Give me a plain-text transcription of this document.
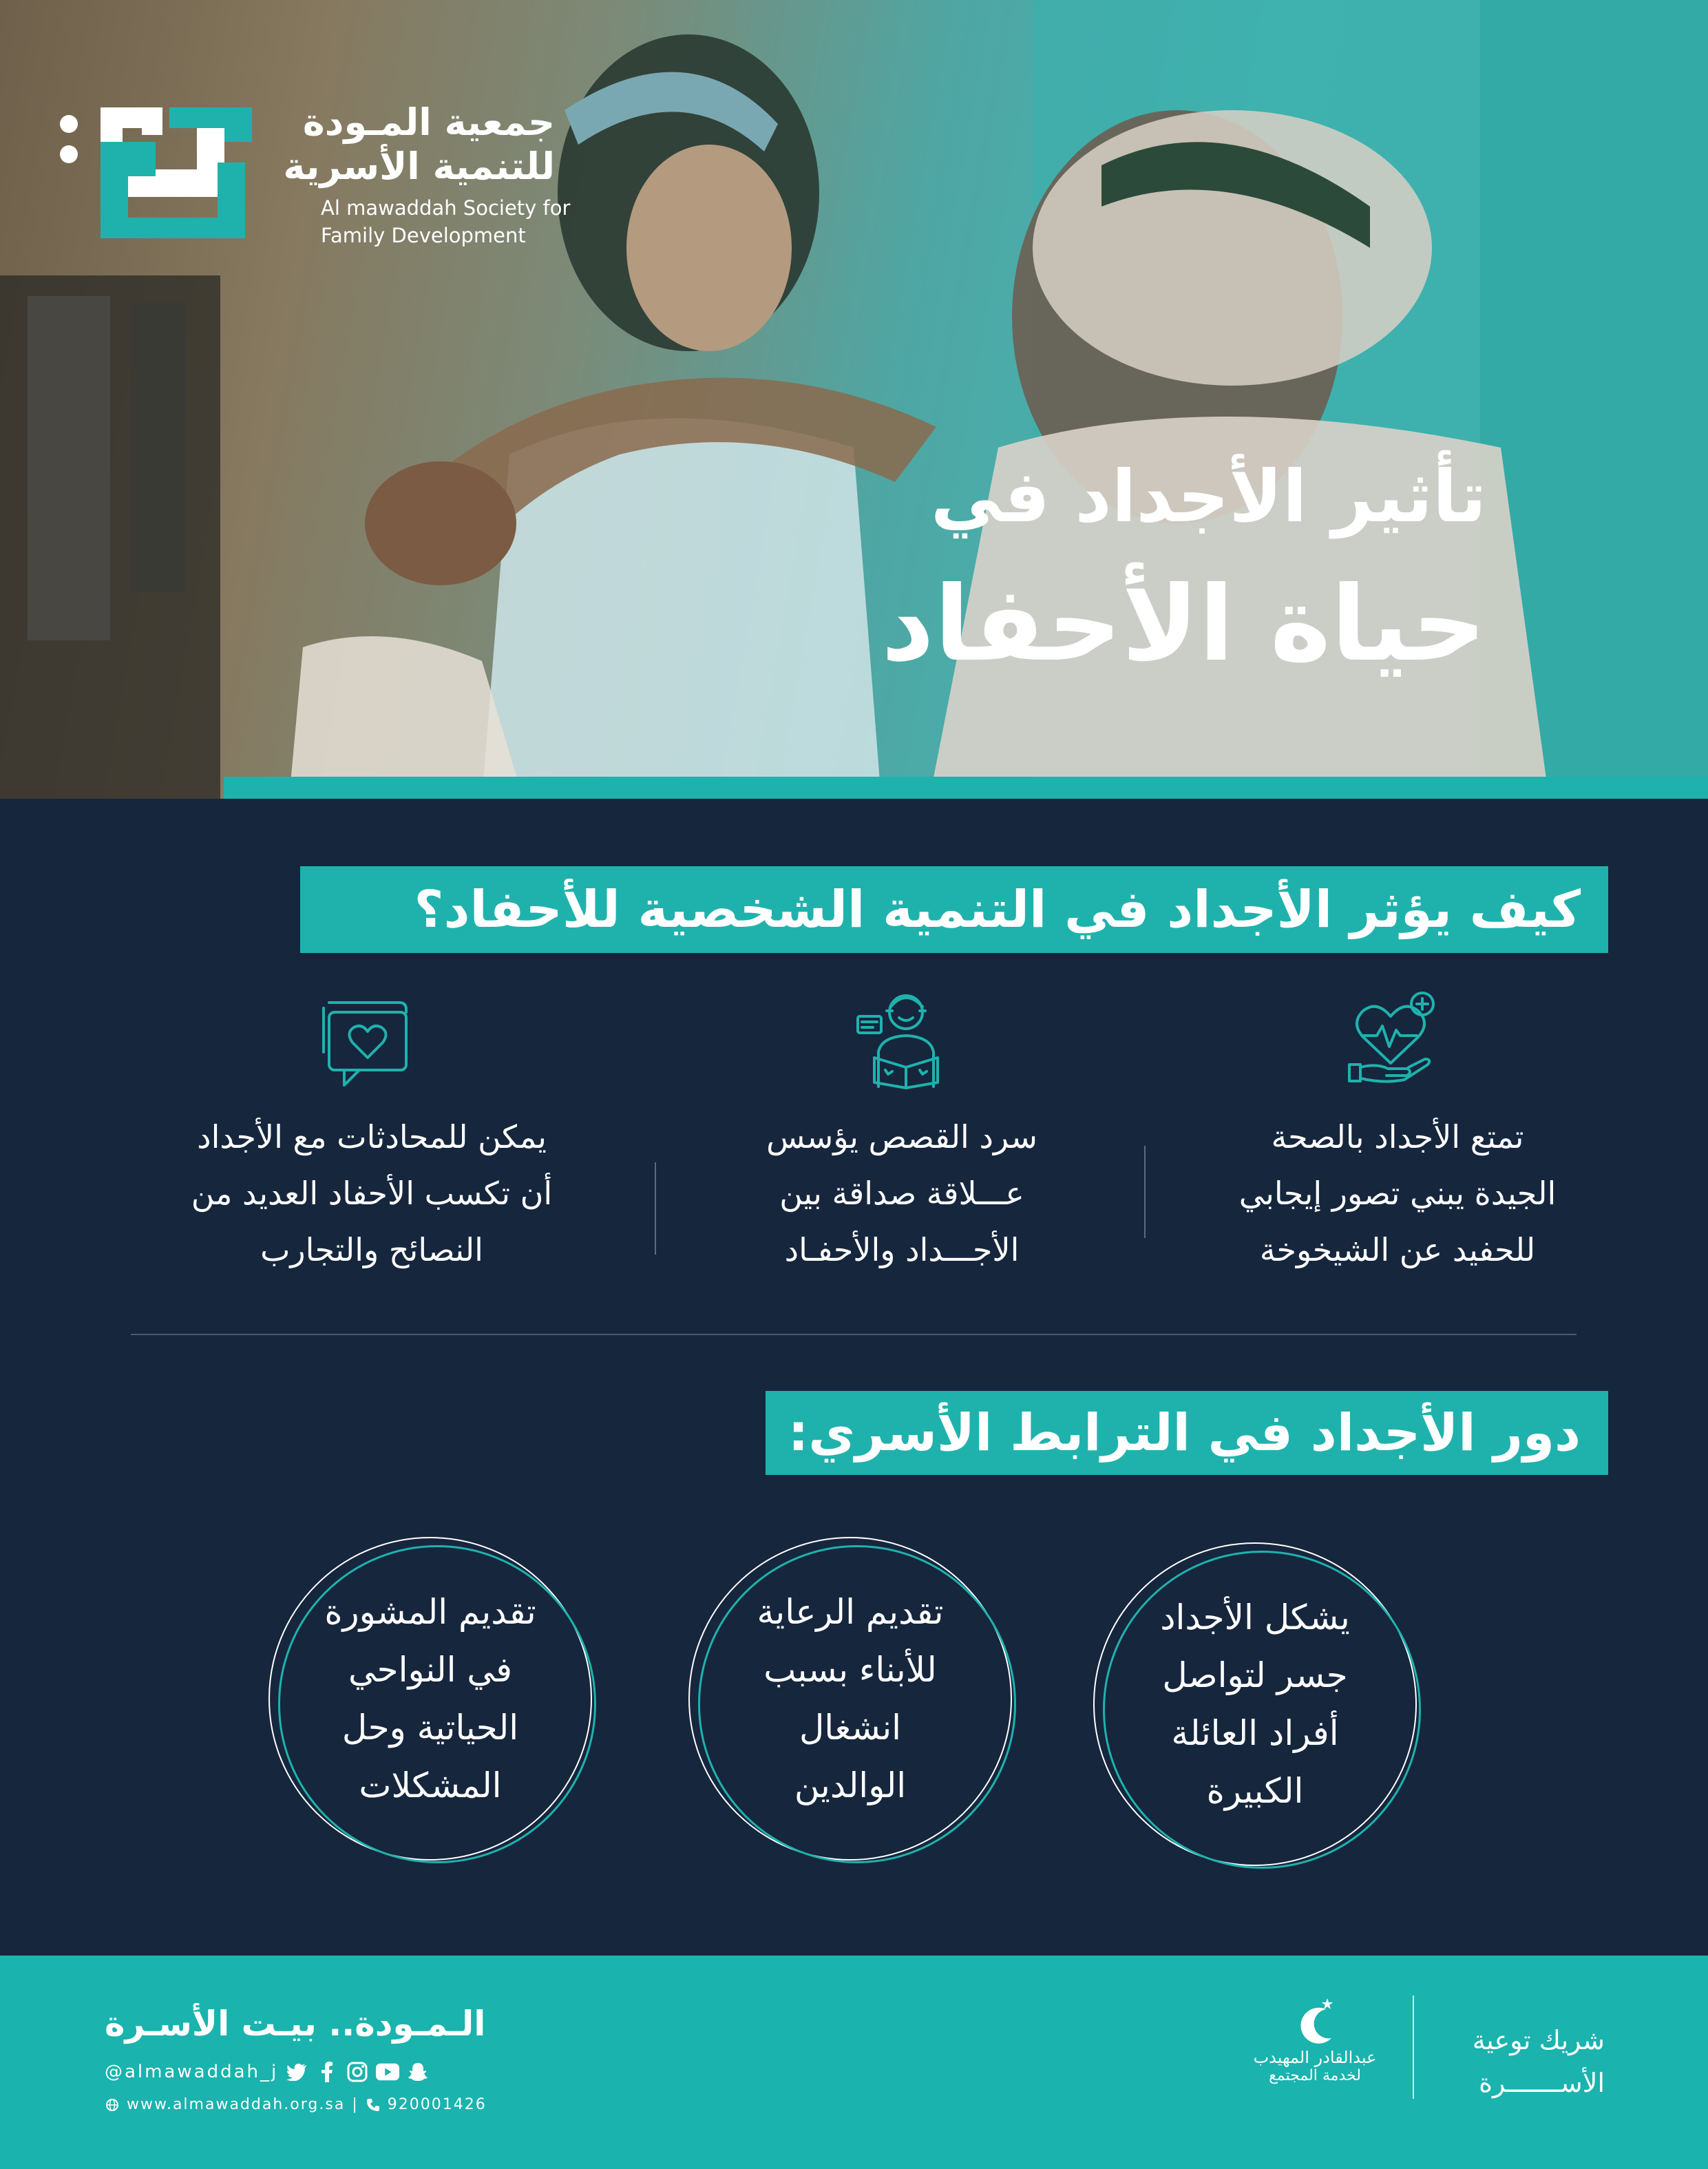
جمعية المـودة
للتنمية الأسرية
Al mawaddah Society for
Family Development
تأثير الأجداد في
حياة الأحفاد
كيف يؤثر الأجداد في التنمية الشخصية للأحفاد؟
تمتع الأجداد بالصحة
الجيدة يبني تصور إيجابي
للحفيد عن الشيخوخة
سرد القصص يؤسس
عـــلاقة صداقة بين
الأجـــداد والأحفـاد
يمكن للمحادثات مع الأجداد
أن تكسب الأحفاد العديد من
النصائح والتجارب
دور الأجداد في الترابط الأسري:
يشكل الأجداد
جسر لتواصل
أفراد العائلة
الكبيرة
تقديم الرعاية
للأبناء بسبب
انشغال
الوالدين
تقديم المشورة
في النواحي
الحياتية وحل
المشكلات
الـمـودة.. بيـت الأسـرة
@almawaddah_j
www.almawaddah.org.sa | 920001426
عبدالقادر المهيدب
لخدمة المجتمع
شريك توعية
الأســـــــرة
